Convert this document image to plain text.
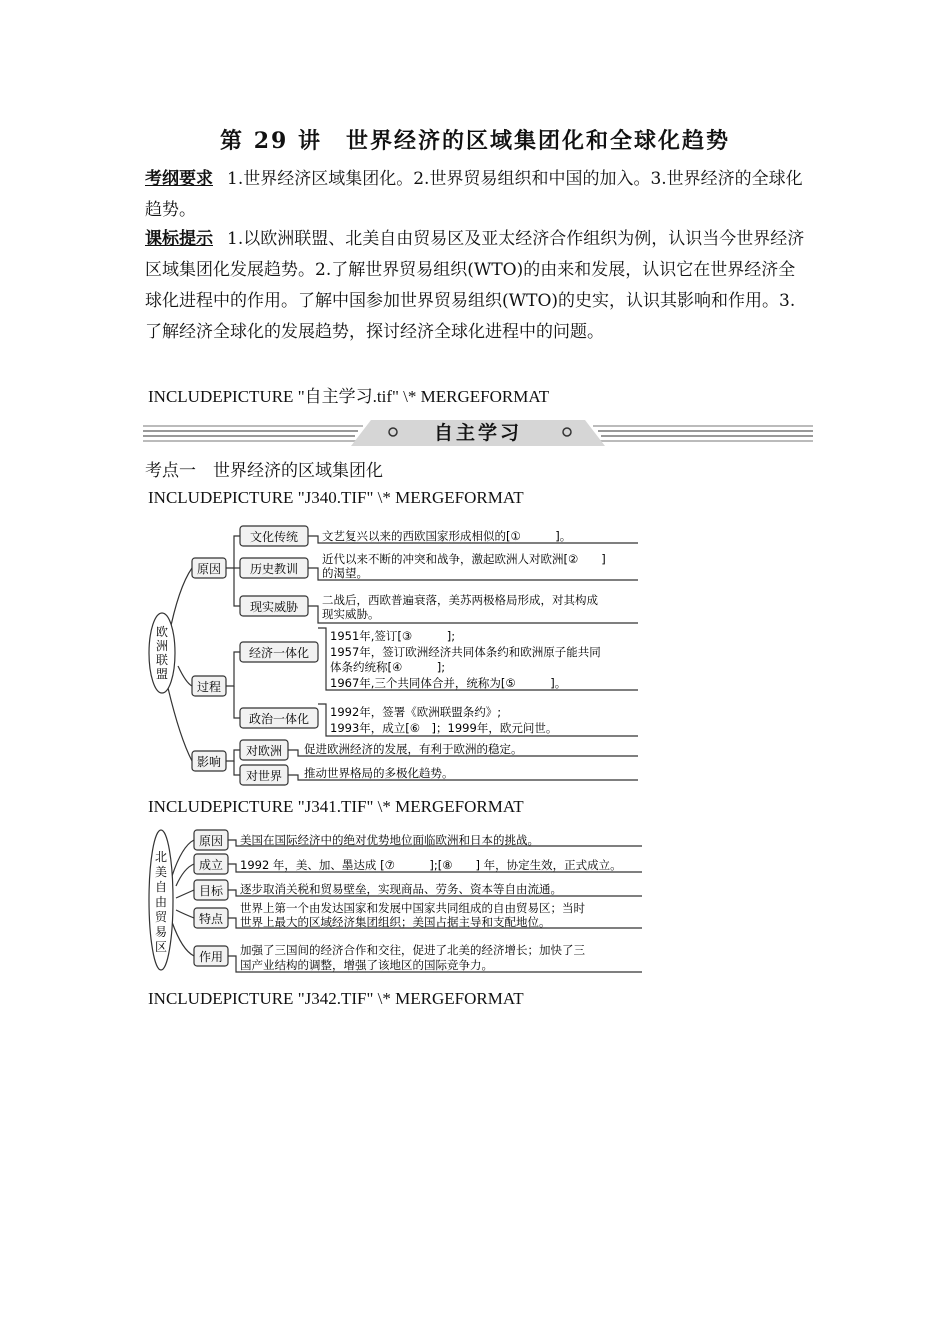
第 29 讲　世界经济的区域集团化和全球化趋势
考纲要求 1.世界经济区域集团化。2.世界贸易组织和中国的加入。3.世界经济的全球化趋势。
课标提示 1.以欧洲联盟、北美自由贸易区及亚太经济合作组织为例，认识当今世界经济区域集团化发展趋势。2.了解世界贸易组织(WTO)的由来和发展，认识它在世界经济全球化进程中的作用。了解中国参加世界贸易组织(WTO)的史实，认识其影响和作用。3.了解经济全球化的发展趋势，探讨经济全球化进程中的问题。
INCLUDEPICTURE "自主学习.tif" \* MERGEFORMAT
自主学习
考点一　世界经济的区域集团化
INCLUDEPICTURE "J340.TIF" \* MERGEFORMAT
欧
洲
联
盟
原因
过程
影响
文化传统
历史教训
现实威胁
经济一体化
政治一体化
对欧洲
对世界
文艺复兴以来的西欧国家形成相似的[①　　　]。
近代以来不断的冲突和战争，激起欧洲人对欧洲[②　　]
的渴望。
二战后，西欧普遍衰落，美苏两极格局形成，对其构成
现实威胁。
1951年,签订[③　　　];
1957年，签订欧洲经济共同体条约和欧洲原子能共同
体条约统称[④　　　];
1967年,三个共同体合并，统称为[⑤　　　]。
1992年，签署《欧洲联盟条约》;
1993年，成立[⑥　]；1999年，欧元问世。
促进欧洲经济的发展，有利于欧洲的稳定。
推动世界格局的多极化趋势。
INCLUDEPICTURE "J341.TIF" \* MERGEFORMAT
北
美
自
由
贸
易
区
原因
成立
目标
特点
作用
美国在国际经济中的绝对优势地位面临欧洲和日本的挑战。
1992 年，美、加、墨达成 [⑦　　　];[⑧　　] 年，协定生效，正式成立。
逐步取消关税和贸易壁垒，实现商品、劳务、资本等自由流通。
世界上第一个由发达国家和发展中国家共同组成的自由贸易区；当时
世界上最大的区域经济集团组织；美国占据主导和支配地位。
加强了三国间的经济合作和交往，促进了北美的经济增长；加快了三
国产业结构的调整，增强了该地区的国际竞争力。
INCLUDEPICTURE "J342.TIF" \* MERGEFORMAT
